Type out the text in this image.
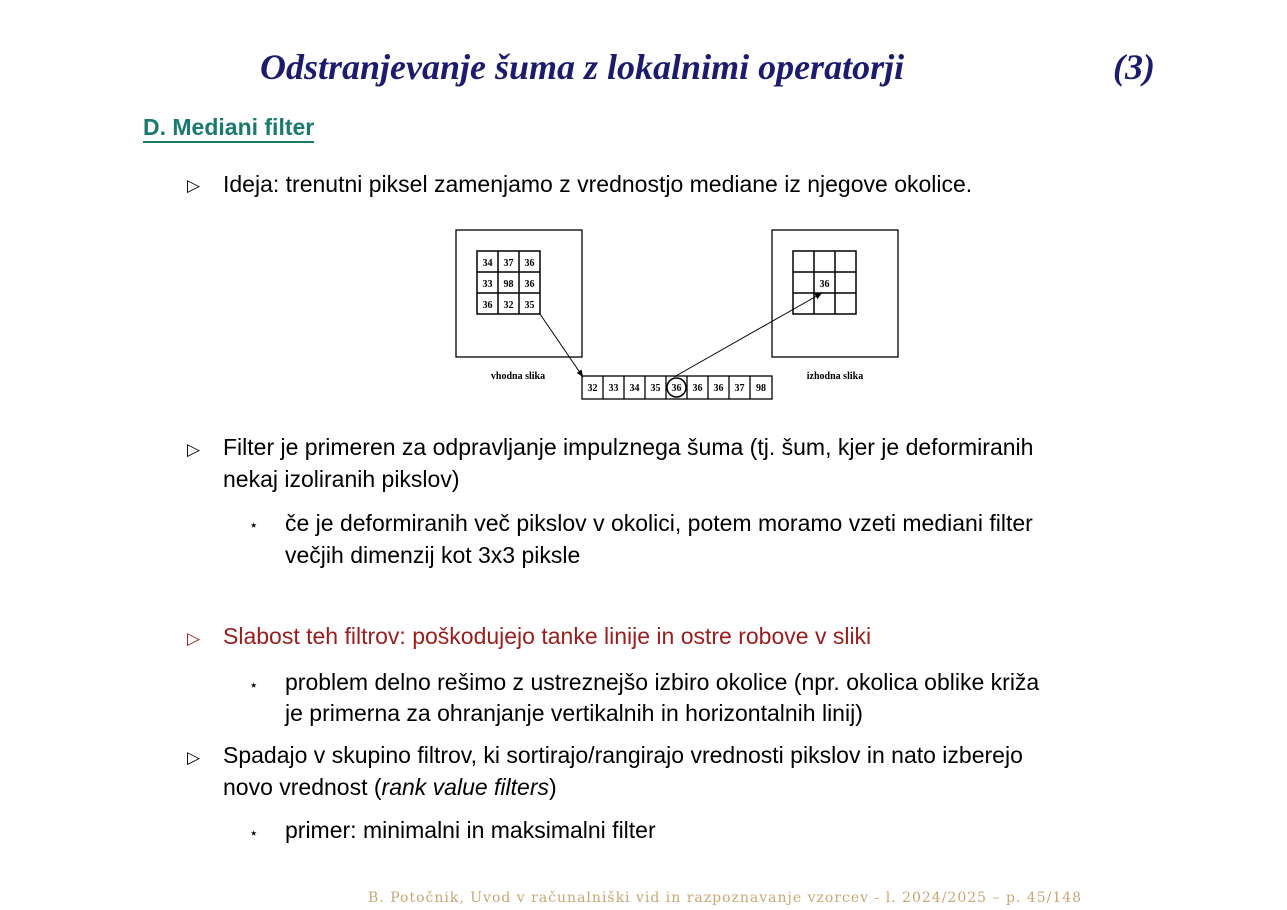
Odstranjevanje šuma z lokalnimi operatorji	(3)
D. Mediani filter
▷ Ideja: trenutni piksel zamenjamo z vrednostjo mediane iz njegove okolice.
34 37 36
33 98 36
36 32 35
vhodna slika
36
izhodna slika
32 33 34 35 36 36 36 37 98
▷ Filter je primeren za odpravljanje impulznega šuma (tj. šum, kjer je deformiranih
nekaj izoliranih pikslov)
⋆ če je deformiranih več pikslov v okolici, potem moramo vzeti mediani filter
večjih dimenzij kot 3x3 piksle
▷ Slabost teh filtrov: poškodujejo tanke linije in ostre robove v sliki
⋆ problem delno rešimo z ustreznejšo izbiro okolice (npr. okolica oblike križa
je primerna za ohranjanje vertikalnih in horizontalnih linij)
▷ Spadajo v skupino filtrov, ki sortirajo/rangirajo vrednosti pikslov in nato izberejo
novo vrednost (rank value filters)
⋆ primer: minimalni in maksimalni filter
B. Potočnik, Uvod v računalniški vid in razpoznavanje vzorcev - l. 2024/2025 – p. 45/148
